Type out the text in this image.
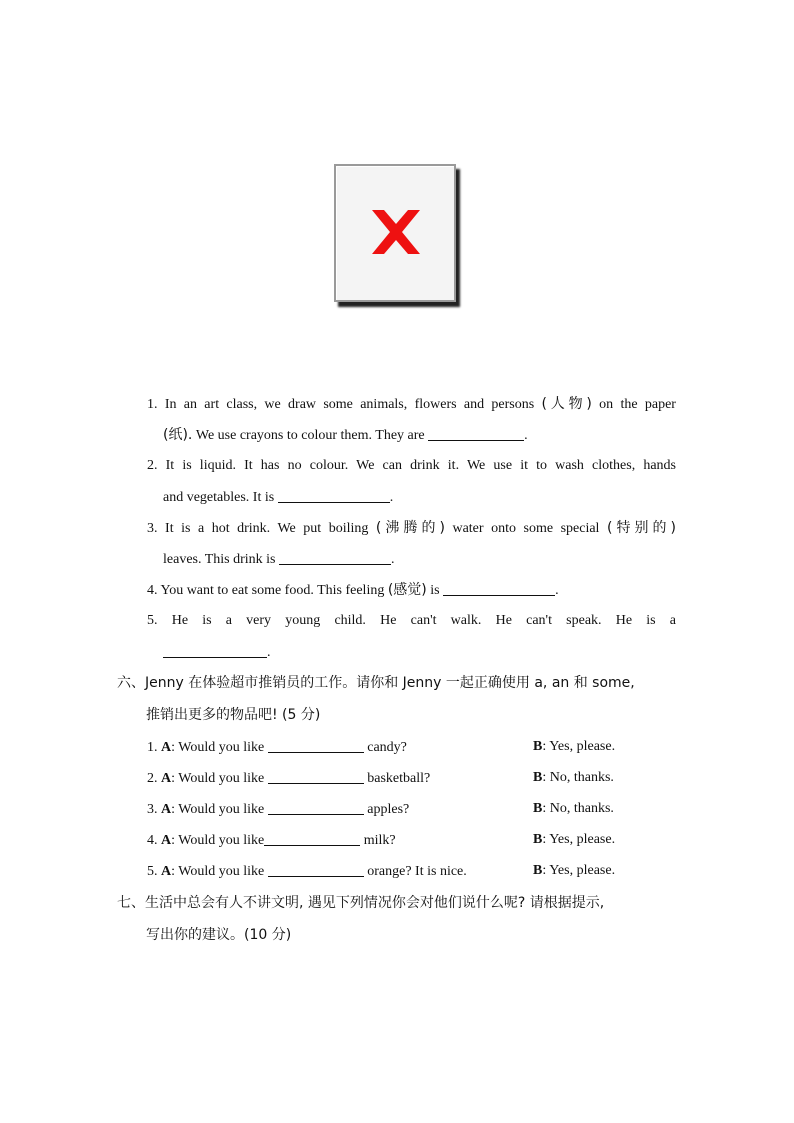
1. In an art class, we draw some animals, flowers and persons (人物) on the paper
(纸). We use crayons to colour them. They are	.
2. It is liquid. It has no colour. We can drink it. We use it to wash clothes, hands
and vegetables. It is	.
3. It is a hot drink. We put boiling (沸腾的) water onto some special (特别的)
leaves. This drink is	.
4. You want to eat some food. This feeling (感觉) is	.
5. He is a very young child. He can't walk. He can't speak. He is a
.
六、Jenny 在体验超市推销员的工作。请你和 Jenny 一起正确使用 a, an 和 some,
推销出更多的物品吧! (5 分)
1. A: Would you like	candy?	B: Yes, please.
2. A: Would you like	basketball?	B: No, thanks.
3. A: Would you like	apples?	B: No, thanks.
4. A: Would you like	milk?	B: Yes, please.
5. A: Would you like	orange? It is nice.	B: Yes, please.
七、生活中总会有人不讲文明, 遇见下列情况你会对他们说什么呢? 请根据提示,
写出你的建议。(10 分)
